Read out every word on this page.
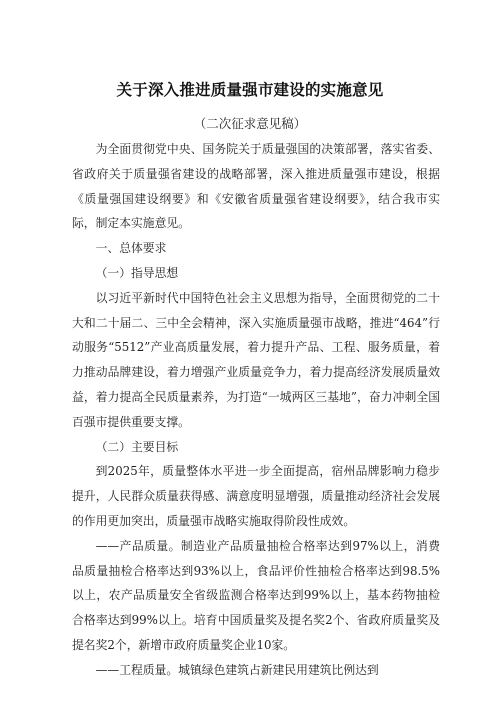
关于深入推进质量强市建设的实施意见
（二次征求意见稿）

为全面贯彻党中央、国务院关于质量强国的决策部署，落实省委、省政府关于质量强省建设的战略部署，深入推进质量强市建设，根据《质量强国建设纲要》和《安徽省质量强省建设纲要》，结合我市实际，制定本实施意见。

一、总体要求

（一）指导思想

以习近平新时代中国特色社会主义思想为指导，全面贯彻党的二十大和二十届二、三中全会精神，深入实施质量强市战略，推进“464”行动服务“5512”产业高质量发展，着力提升产品、工程、服务质量，着力推动品牌建设，着力增强产业质量竞争力，着力提高经济发展质量效益，着力提高全民质量素养，为打造“一城两区三基地”，奋力冲刺全国百强市提供重要支撑。

（二）主要目标

到2025年，质量整体水平进一步全面提高，宿州品牌影响力稳步提升，人民群众质量获得感、满意度明显增强，质量推动经济社会发展的作用更加突出，质量强市战略实施取得阶段性成效。

——产品质量。制造业产品质量抽检合格率达到97%以上，消费品质量抽检合格率达到93%以上，食品评价性抽检合格率达到98.5%以上，农产品质量安全省级监测合格率达到99%以上，基本药物抽检合格率达到99%以上。培育中国质量奖及提名奖2个、省政府质量奖及提名奖2个，新增市政府质量奖企业10家。

——工程质量。城镇绿色建筑占新建民用建筑比例达到
